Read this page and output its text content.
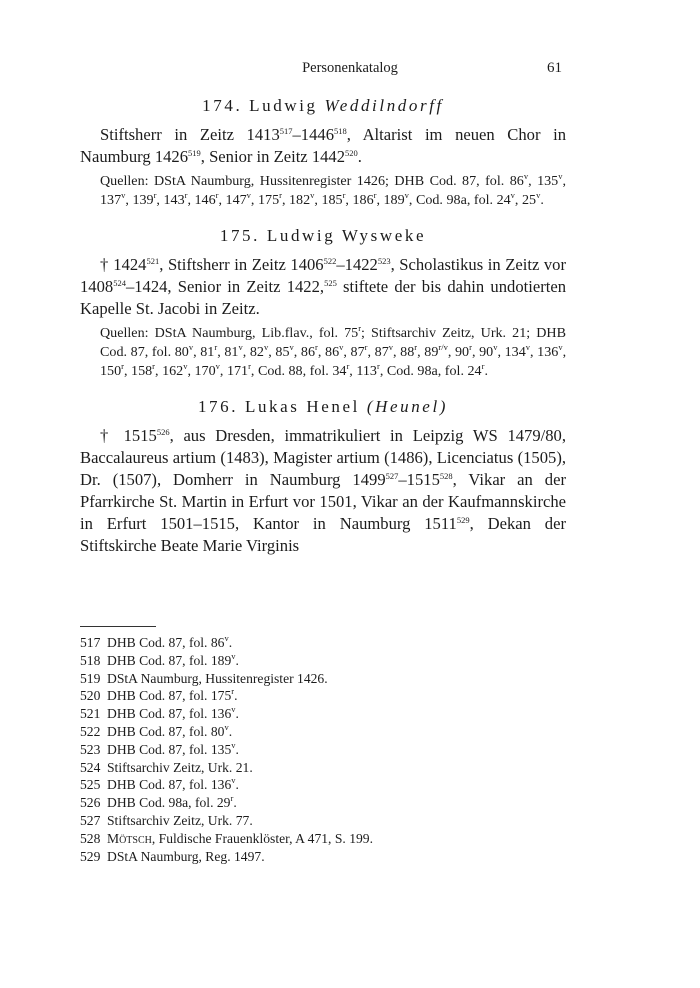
Personenkatalog	61
174. Ludwig Weddilndorff

Stiftsherr in Zeitz 1413$^{517}$–1446$^{518}$, Altarist im neuen Chor in Naumburg 1426$^{519}$, Senior in Zeitz 1442$^{520}$.

Quellen: DStA Naumburg, Hussitenregister 1426; DHB Cod. 87, fol. 86$^v$, 135$^v$, 137$^v$, 139$^r$, 143$^r$, 146$^r$, 147$^v$, 175$^r$, 182$^v$, 185$^r$, 186$^r$, 189$^v$, Cod. 98a, fol. 24$^v$, 25$^v$.

175. Ludwig Wysweke

† 1424$^{521}$, Stiftsherr in Zeitz 1406$^{522}$–1422$^{523}$, Scholastikus in Zeitz vor 1408$^{524}$–1424, Senior in Zeitz 1422,$^{525}$ stiftete der bis dahin undotierten Kapelle St. Jacobi in Zeitz.

Quellen: DStA Naumburg, Lib.flav., fol. 75$^r$; Stiftsarchiv Zeitz, Urk. 21; DHB Cod. 87, fol. 80$^v$, 81$^r$, 81$^v$, 82$^v$, 85$^v$, 86$^r$, 86$^v$, 87$^r$, 87$^v$, 88$^r$, $89^{r/v}$, 90$^r$, 90$^v$, 134$^v$, 136$^v$, 150$^r$, 158$^r$, 162$^v$, 170$^v$, 171$^r$, Cod. 88, fol. 34$^r$, 113$^r$, Cod. 98a, fol. 24$^r$.

176. Lukas Henel (Heunel)

† 1515$^{526}$, aus Dresden, immatrikuliert in Leipzig WS 1479/80, Baccalaureus artium (1483), Magister artium (1486), Licenciatus (1505), Dr. (1507), Domherr in Naumburg 1499$^{527}$–1515$^{528}$, Vikar an der Pfarrkirche St. Martin in Erfurt vor 1501, Vikar an der Kaufmannskirche in Erfurt 1501–1515, Kantor in Naumburg 1511$^{529}$, Dekan der Stiftskirche Beate Marie Virginis

517 DHB Cod. 87, fol. 86$^v$.
518 DHB Cod. 87, fol. 189$^v$.
519 DStA Naumburg, Hussitenregister 1426.
520 DHB Cod. 87, fol. 175$^r$.
521 DHB Cod. 87, fol. 136$^v$.
522 DHB Cod. 87, fol. 80$^v$.
523 DHB Cod. 87, fol. 135$^v$.
524 Stiftsarchiv Zeitz, Urk. 21.
525 DHB Cod. 87, fol. 136$^v$.
526 DHB Cod. 98a, fol. 29$^r$.
527 Stiftsarchiv Zeitz, Urk. 77.
528 Mötsch, Fuldische Frauenklöster, A 471, S. 199.
529 DStA Naumburg, Reg. 1497.
